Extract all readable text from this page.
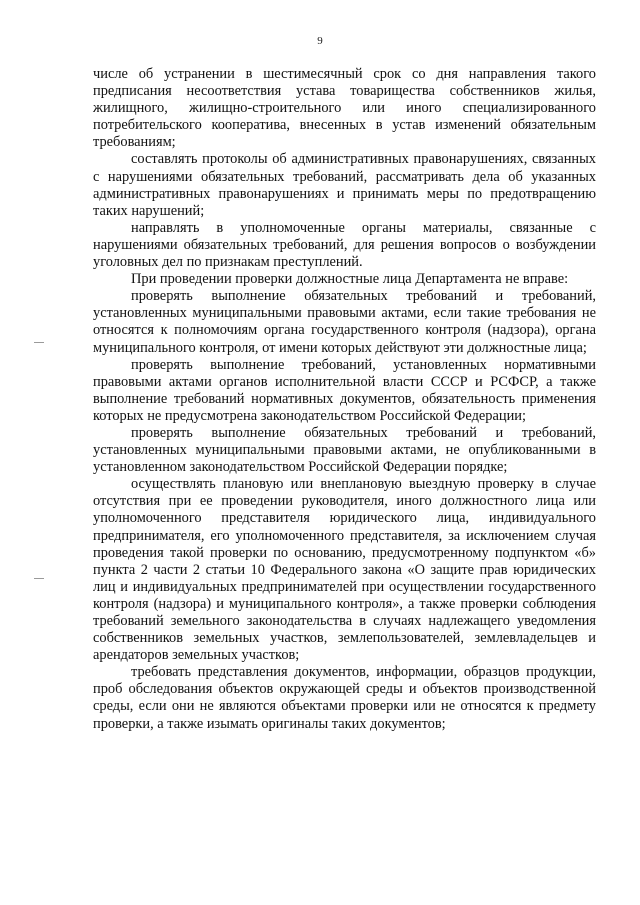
9

числе об устранении в шестимесячный срок со дня направления такого предписания несоответствия устава товарищества собственников жилья, жилищного, жилищно-строительного или иного специализированного потребительского кооператива, внесенных в устав изменений обязательным требованиям;

составлять протоколы об административных правонарушениях, связанных с нарушениями обязательных требований, рассматривать дела об указанных административных правонарушениях и принимать меры по предотвращению таких нарушений;

направлять в уполномоченные органы материалы, связанные с нарушениями обязательных требований, для решения вопросов о возбуждении уголовных дел по признакам преступлений.

При проведении проверки должностные лица Департамента не вправе:

проверять выполнение обязательных требований и требований, установленных муниципальными правовыми актами, если такие требования не относятся к полномочиям органа государственного контроля (надзора), органа муниципального контроля, от имени которых действуют эти должностные лица;

проверять выполнение требований, установленных нормативными правовыми актами органов исполнительной власти СССР и РСФСР, а также выполнение требований нормативных документов, обязательность применения которых не предусмотрена законодательством Российской Федерации;

проверять выполнение обязательных требований и требований, установленных муниципальными правовыми актами, не опубликованными в установленном законодательством Российской Федерации порядке;

осуществлять плановую или внеплановую выездную проверку в случае отсутствия при ее проведении руководителя, иного должностного лица или уполномоченного представителя юридического лица, индивидуального предпринимателя, его уполномоченного представителя, за исключением случая проведения такой проверки по основанию, предусмотренному подпунктом «б» пункта 2 части 2 статьи 10 Федерального закона «О защите прав юридических лиц и индивидуальных предпринимателей при осуществлении государственного контроля (надзора) и муниципального контроля», а также проверки соблюдения требований земельного законодательства в случаях надлежащего уведомления собственников земельных участков, землепользователей, землевладельцев и арендаторов земельных участков;

требовать представления документов, информации, образцов продукции, проб обследования объектов окружающей среды и объектов производственной среды, если они не являются объектами проверки или не относятся к предмету проверки, а также изымать оригиналы таких документов;
